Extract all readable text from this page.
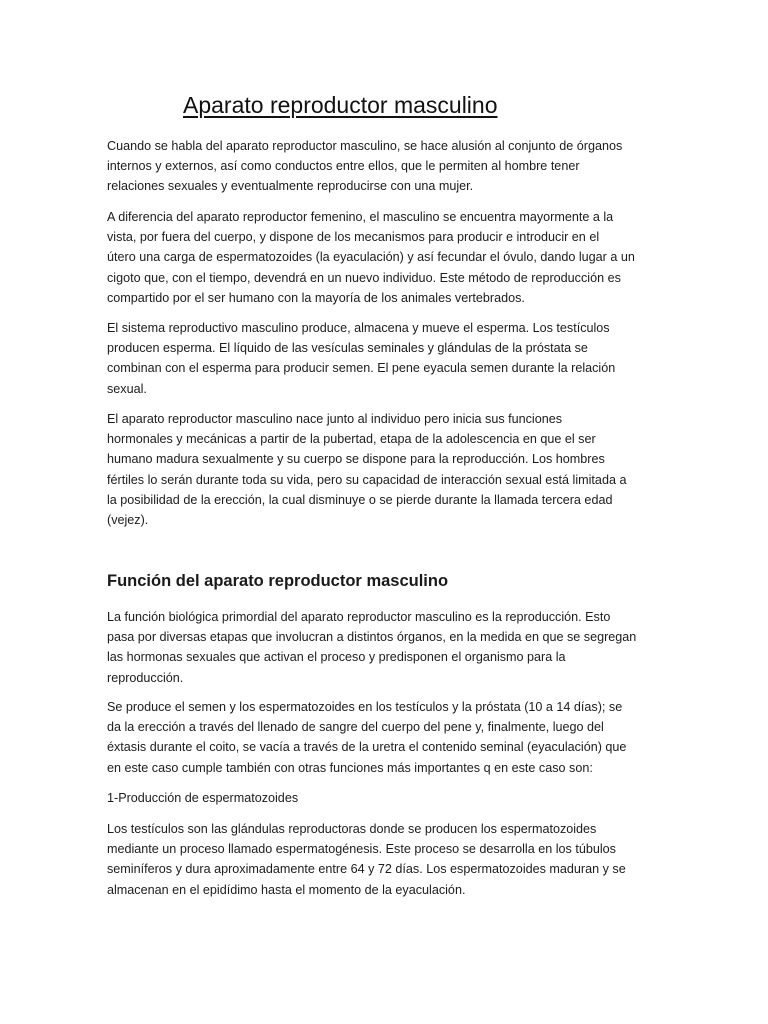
Aparato reproductor masculino

Cuando se habla del aparato reproductor masculino, se hace alusión al conjunto de órganos
internos y externos, así como conductos entre ellos, que le permiten al hombre tener
relaciones sexuales y eventualmente reproducirse con una mujer.

A diferencia del aparato reproductor femenino, el masculino se encuentra mayormente a la
vista, por fuera del cuerpo, y dispone de los mecanismos para producir e introducir en el
útero una carga de espermatozoides (la eyaculación) y así fecundar el óvulo, dando lugar a un
cigoto que, con el tiempo, devendrá en un nuevo individuo. Este método de reproducción es
compartido por el ser humano con la mayoría de los animales vertebrados.

El sistema reproductivo masculino produce, almacena y mueve el esperma. Los testículos
producen esperma. El líquido de las vesículas seminales y glándulas de la próstata se
combinan con el esperma para producir semen. El pene eyacula semen durante la relación
sexual.

El aparato reproductor masculino nace junto al individuo pero inicia sus funciones
hormonales y mecánicas a partir de la pubertad, etapa de la adolescencia en que el ser
humano madura sexualmente y su cuerpo se dispone para la reproducción. Los hombres
fértiles lo serán durante toda su vida, pero su capacidad de interacción sexual está limitada a
la posibilidad de la erección, la cual disminuye o se pierde durante la llamada tercera edad
(vejez).

Función del aparato reproductor masculino

La función biológica primordial del aparato reproductor masculino es la reproducción. Esto
pasa por diversas etapas que involucran a distintos órganos, en la medida en que se segregan
las hormonas sexuales que activan el proceso y predisponen el organismo para la
reproducción.

Se produce el semen y los espermatozoides en los testículos y la próstata (10 a 14 días); se
da la erección a través del llenado de sangre del cuerpo del pene y, finalmente, luego del
éxtasis durante el coito, se vacía a través de la uretra el contenido seminal (eyaculación) que
en este caso cumple también con otras funciones más importantes q en este caso son:

1-Producción de espermatozoides

Los testículos son las glándulas reproductoras donde se producen los espermatozoides
mediante un proceso llamado espermatogénesis. Este proceso se desarrolla en los túbulos
seminíferos y dura aproximadamente entre 64 y 72 días. Los espermatozoides maduran y se
almacenan en el epidídimo hasta el momento de la eyaculación.
